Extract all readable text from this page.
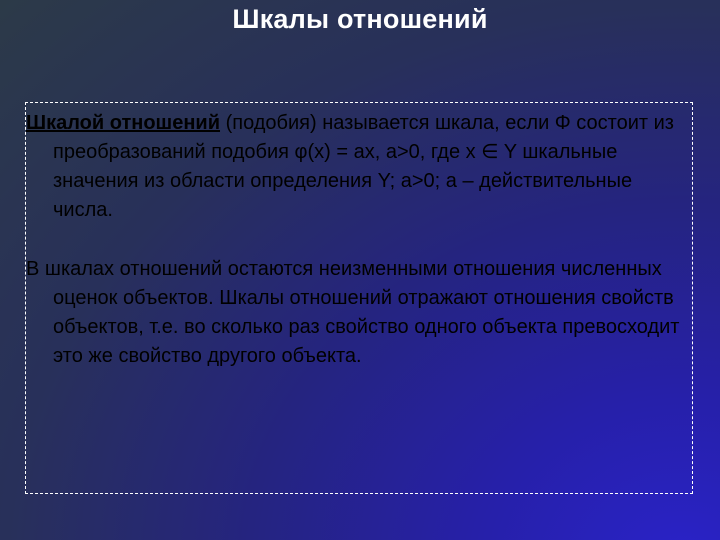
Шкалы отношений
Шкалой отношений (подобия) называется шкала, если Φ состоит из преобразований подобия φ(x) = ax, a>0, где x ∈ Y шкальные значения из области определения Y; a>0; a – действительные числа.
В шкалах отношений остаются неизменными отношения численных оценок объектов. Шкалы отношений отражают отношения свойств объектов, т.е. во сколько раз свойство одного объекта превосходит это же свойство другого объекта.
